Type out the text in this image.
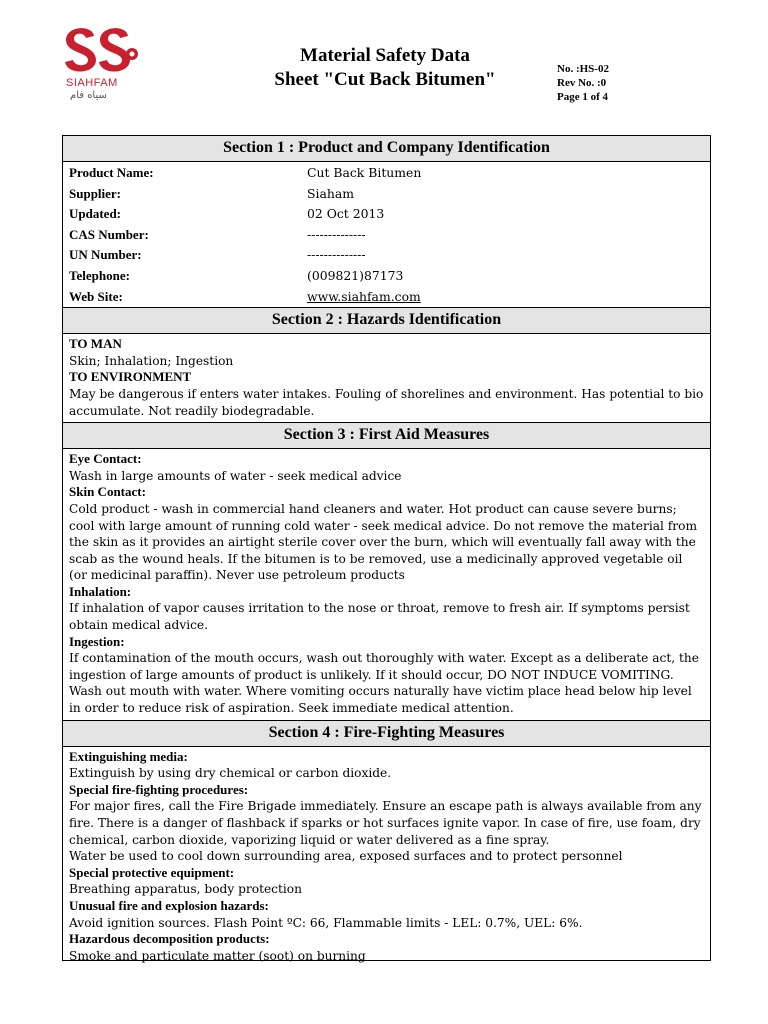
SIAHFAM
سیاه فام
Material Safety Data
Sheet "Cut Back Bitumen"	No. :HS-02
Rev No. :0
Page 1 of 4
Section 1 : Product and Company Identification
Product Name:	Cut Back Bitumen
Supplier:	Siaham
Updated:	02 Oct 2013
CAS Number:	--------------
UN Number:	--------------
Telephone:	(009821)87173
Web Site:	www.siahfam.com
Section 2 : Hazards Identification
TO MAN

Skin; Inhalation; Ingestion

TO ENVIRONMENT

May be dangerous if enters water intakes. Fouling of shorelines and environment. Has potential to bio accumulate. Not readily biodegradable.

Section 3 : First Aid Measures
Eye Contact:

Wash in large amounts of water - seek medical advice

Skin Contact:

Cold product - wash in commercial hand cleaners and water. Hot product can cause severe burns; cool with large amount of running cold water - seek medical advice. Do not remove the material from the skin as it provides an airtight sterile cover over the burn, which will eventually fall away with the scab as the wound heals. If the bitumen is to be removed, use a medicinally approved vegetable oil (or medicinal paraffin). Never use petroleum products

Inhalation:

If inhalation of vapor causes irritation to the nose or throat, remove to fresh air. If symptoms persist obtain medical advice.

Ingestion:

If contamination of the mouth occurs, wash out thoroughly with water. Except as a deliberate act, the ingestion of large amounts of product is unlikely. If it should occur, DO NOT INDUCE VOMITING. Wash out mouth with water. Where vomiting occurs naturally have victim place head below hip level in order to reduce risk of aspiration. Seek immediate medical attention.

Section 4 : Fire-Fighting Measures
Extinguishing media:

Extinguish by using dry chemical or carbon dioxide.

Special fire-fighting procedures:

For major fires, call the Fire Brigade immediately. Ensure an escape path is always available from any fire. There is a danger of flashback if sparks or hot surfaces ignite vapor. In case of fire, use foam, dry chemical, carbon dioxide, vaporizing liquid or water delivered as a fine spray.

Water be used to cool down surrounding area, exposed surfaces and to protect personnel

Special protective equipment:

Breathing apparatus, body protection

Unusual fire and explosion hazards:

Avoid ignition sources. Flash Point ºC: 66, Flammable limits - LEL: 0.7%, UEL: 6%.

Hazardous decomposition products:

Smoke and particulate matter (soot) on burning
